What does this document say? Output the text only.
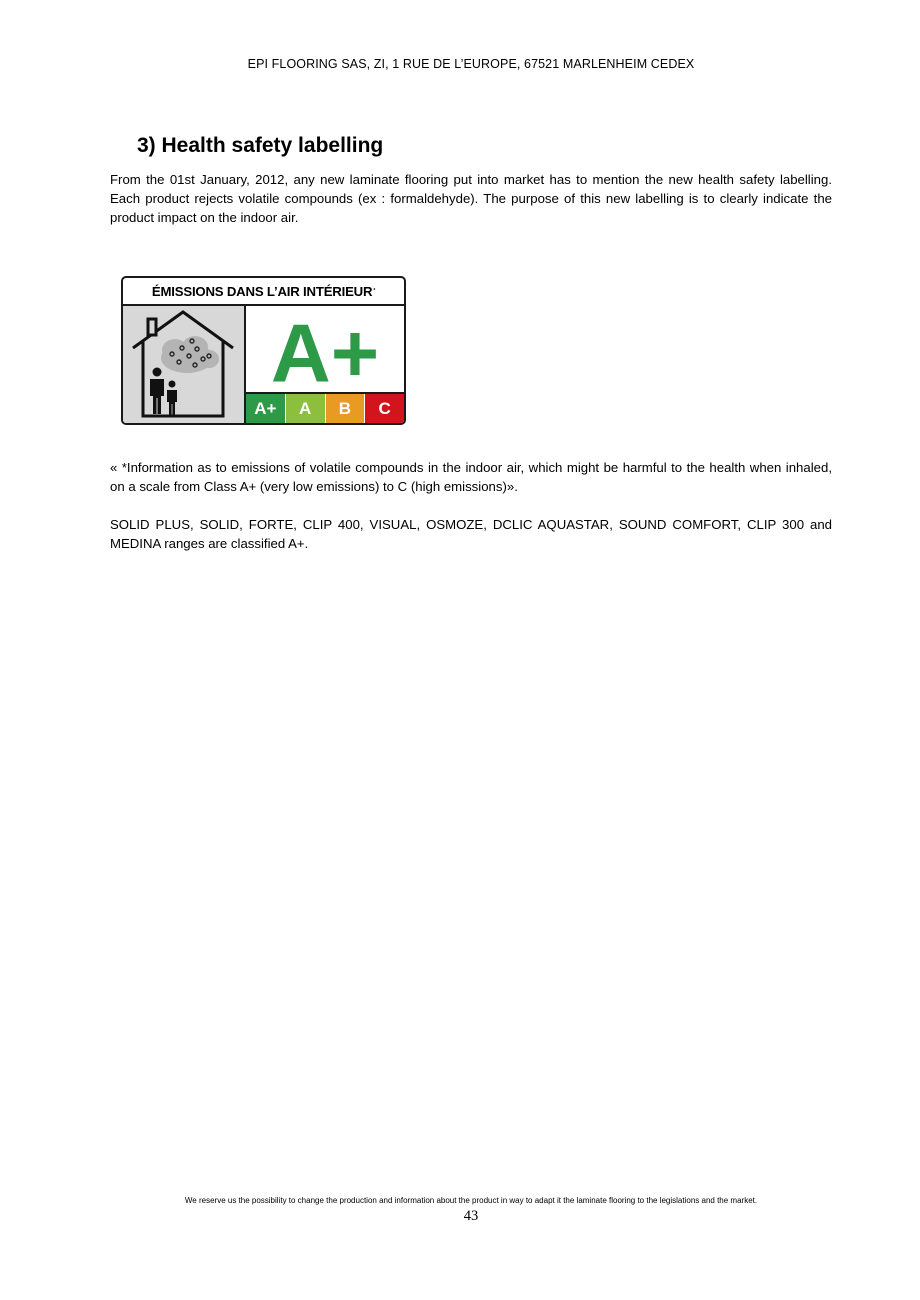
EPI FLOORING SAS, ZI, 1 RUE DE L’EUROPE, 67521 MARLENHEIM CEDEX
3) Health safety labelling

From the 01st January, 2012, any new laminate flooring put into market has to mention the new health safety labelling. Each product rejects volatile compounds (ex : formaldehyde). The purpose of this new labelling is to clearly indicate the product impact on the indoor air.

ÉMISSIONS DANS L’AIR INTÉRIEUR *
A+
A+	A	B	C

« *Information as to emissions of volatile compounds in the indoor air, which might be harmful to the health when inhaled, on a scale from Class A+ (very low emissions) to C (high emissions)».

SOLID PLUS, SOLID, FORTE, CLIP 400, VISUAL, OSMOZE, DCLIC AQUASTAR, SOUND COMFORT, CLIP 300 and MEDINA ranges are classified A+.

We reserve us the possibility to change the production and information about the product in way to adapt it the laminate flooring to the legislations and the market.
43
